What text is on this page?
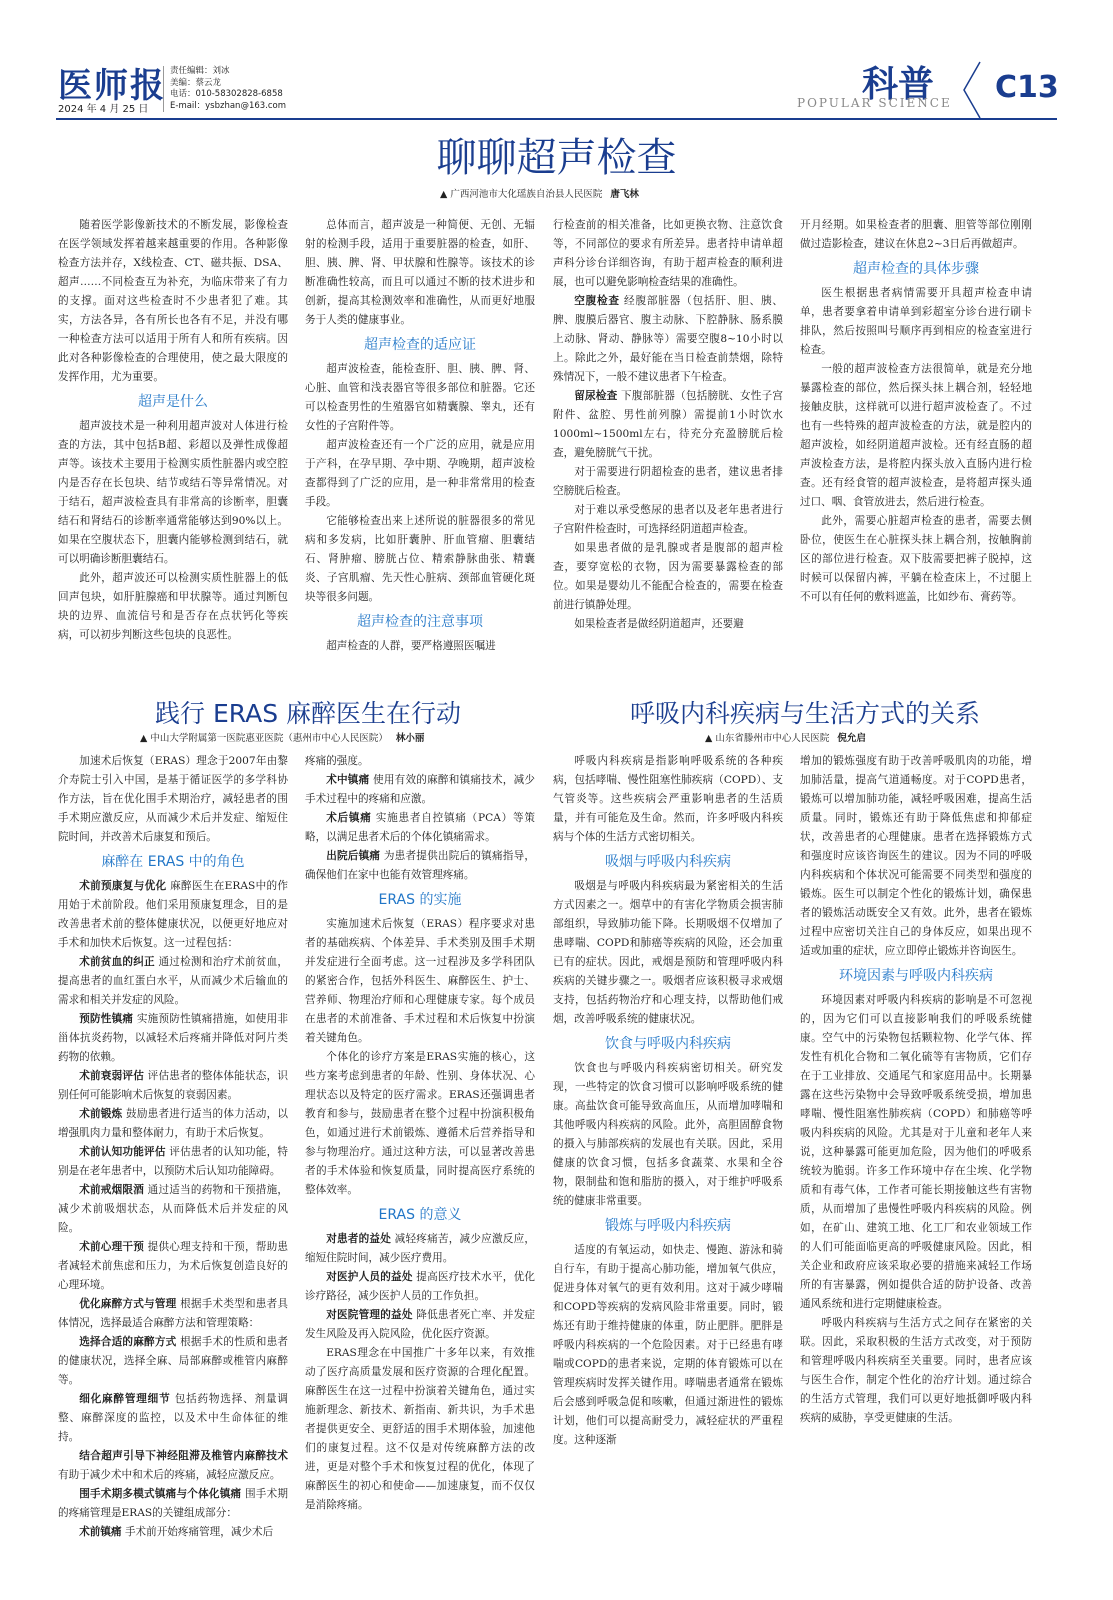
医师报
2024 年 4 月 25 日
责任编辑：刘冰
美编：蔡云龙
电话：010-58302828-6858
E-mail：ysbzhan@163.com
科普
POPULAR SCIENCE C13
聊聊超声检查
▲ 广西河池市大化瑶族自治县人民医院 唐飞林

随着医学影像新技术的不断发展，影像检查在医学领域发挥着越来越重要的作用。各种影像检查方法并存，X线检查、CT、磁共振、DSA、超声……不同检查互为补充，为临床带来了有力的支撑。面对这些检查时不少患者犯了难。其实，方法各异，各有所长也各有不足，并没有哪一种检查方法可以适用于所有人和所有疾病。因此对各种影像检查的合理使用，使之最大限度的发挥作用，尤为重要。

超声是什么

超声波技术是一种利用超声波对人体进行检查的方法，其中包括B超、彩超以及弹性成像超声等。该技术主要用于检测实质性脏器内或空腔内是否存在长包块、结节或结石等异常情况。对于结石，超声波检查具有非常高的诊断率，胆囊结石和肾结石的诊断率通常能够达到90%以上。如果在空腹状态下，胆囊内能够检测到结石，就可以明确诊断胆囊结石。

此外，超声波还可以检测实质性脏器上的低回声包块，如肝脏腺癌和甲状腺等。通过判断包块的边界、血流信号和是否存在点状钙化等疾病，可以初步判断这些包块的良恶性。

总体而言，超声波是一种简便、无创、无辐射的检测手段，适用于重要脏器的检查，如肝、胆、胰、脾、肾、甲状腺和性腺等。该技术的诊断准确性较高，而且可以通过不断的技术进步和创新，提高其检测效率和准确性，从而更好地服务于人类的健康事业。

超声检查的适应证

超声波检查，能检查肝、胆、胰、脾、肾、心脏、血管和浅表器官等很多部位和脏器。它还可以检查男性的生殖器官如精囊腺、睾丸，还有女性的子宫附件等。

超声波检查还有一个广泛的应用，就是应用于产科，在孕早期、孕中期、孕晚期，超声波检查都得到了广泛的应用，是一种非常常用的检查手段。

它能够检查出来上述所说的脏器很多的常见病和多发病，比如肝囊肿、肝血管瘤、胆囊结石、肾肿瘤、膀胱占位、精索静脉曲张、精囊炎、子宫肌瘤、先天性心脏病、颈部血管硬化斑块等很多问题。

超声检查的注意事项

超声检查的人群，要严格遵照医嘱进

行检查前的相关准备，比如更换衣物、注意饮食等，不同部位的要求有所差异。患者持申请单超声科分诊台详细咨询，有助于超声检查的顺利进展，也可以避免影响检查结果的准确性。

空腹检查 经腹部脏器（包括肝、胆、胰、脾、腹膜后器官、腹主动脉、下腔静脉、肠系膜上动脉、肾动、静脉等）需要空腹8~10小时以上。除此之外，最好能在当日检查前禁烟，除特殊情况下，一般不建议患者下午检查。

留尿检查 下腹部脏器（包括膀胱、女性子宫附件、盆腔、男性前列腺）需提前1小时饮水1000ml~1500ml左右，待充分充盈膀胱后检查，避免膀胱气干扰。

对于需要进行阴超检查的患者，建议患者排空膀胱后检查。

对于难以承受憋尿的患者以及老年患者进行子宫附件检查时，可选择经阴道超声检查。

如果患者做的是乳腺或者是腹部的超声检查，要穿宽松的衣物，因为需要暴露检查的部位。如果是婴幼儿不能配合检查的，需要在检查前进行镇静处理。

如果检查者是做经阴道超声，还要避

开月经期。如果检查者的胆囊、胆管等部位刚刚做过造影检查，建议在休息2~3日后再做超声。

超声检查的具体步骤

医生根据患者病情需要开具超声检查申请单，患者要拿着申请单到彩超室分诊台进行刷卡排队，然后按照叫号顺序再到相应的检查室进行检查。

一般的超声波检查方法很简单，就是充分地暴露检查的部位，然后探头抹上耦合剂，轻轻地接触皮肤，这样就可以进行超声波检查了。不过也有一些特殊的超声波检查的方法，就是腔内的超声波检，如经阴道超声波检。还有经直肠的超声波检查方法，是将腔内探头放入直肠内进行检查。还有经食管的超声波检查，是将超声探头通过口、咽、食管放进去，然后进行检查。

此外，需要心脏超声检查的患者，需要去侧卧位，使医生在心脏探头抹上耦合剂，按触胸前区的部位进行检查。双下肢需要把裤子脱掉，这时候可以保留内裤，平躺在检查床上，不过腿上不可以有任何的敷料遮盖，比如纱布、膏药等。

践行 ERAS 麻醉医生在行动
▲ 中山大学附属第一医院惠亚医院（惠州市中心人民医院） 林小丽

加速术后恢复（ERAS）理念于2007年由黎介寿院士引入中国，是基于循证医学的多学科协作方法，旨在优化围手术期治疗，减轻患者的围手术期应激反应，从而减少术后并发症、缩短住院时间，并改善术后康复和预后。

麻醉在 ERAS 中的角色

术前预康复与优化 麻醉医生在ERAS中的作用始于术前阶段。他们采用预康复理念，目的是改善患者术前的整体健康状况，以便更好地应对手术和加快术后恢复。这一过程包括：

术前贫血的纠正 通过检测和治疗术前贫血，提高患者的血红蛋白水平，从而减少术后输血的需求和相关并发症的风险。

预防性镇痛 实施预防性镇痛措施，如使用非甾体抗炎药物，以减轻术后疼痛并降低对阿片类药物的依赖。

术前衰弱评估 评估患者的整体体能状态，识别任何可能影响术后恢复的衰弱因素。

术前锻炼 鼓励患者进行适当的体力活动，以增强肌肉力量和整体耐力，有助于术后恢复。

术前认知功能评估 评估患者的认知功能，特别是在老年患者中，以预防术后认知功能障碍。

术前戒烟限酒 通过适当的药物和干预措施，减少术前吸烟状态，从而降低术后并发症的风险。

术前心理干预 提供心理支持和干预，帮助患者减轻术前焦虑和压力，为术后恢复创造良好的心理环境。

优化麻醉方式与管理 根据手术类型和患者具体情况，选择最适合麻醉方法和管理策略：

选择合适的麻醉方式 根据手术的性质和患者的健康状况，选择全麻、局部麻醉或椎管内麻醉等。

细化麻醉管理细节 包括药物选择、剂量调整、麻醉深度的监控，以及术中生命体征的维持。

结合超声引导下神经阻滞及椎管内麻醉技术 有助于减少术中和术后的疼痛，减轻应激反应。

围手术期多模式镇痛与个体化镇痛 围手术期的疼痛管理是ERAS的关键组成部分：

术前镇痛 手术前开始疼痛管理，减少术后

疼痛的强度。

术中镇痛 使用有效的麻醉和镇痛技术，减少手术过程中的疼痛和应激。

术后镇痛 实施患者自控镇痛（PCA）等策略，以满足患者术后的个体化镇痛需求。

出院后镇痛 为患者提供出院后的镇痛指导，确保他们在家中也能有效管理疼痛。

ERAS 的实施

实施加速术后恢复（ERAS）程序要求对患者的基础疾病、个体差异、手术类别及围手术期并发症进行全面考虑。这一过程涉及多学科团队的紧密合作，包括外科医生、麻醉医生、护士、营养师、物理治疗师和心理健康专家。每个成员在患者的术前准备、手术过程和术后恢复中扮演着关键角色。

个体化的诊疗方案是ERAS实施的核心，这些方案考虑到患者的年龄、性别、身体状况、心理状态以及特定的医疗需求。ERAS还强调患者教育和参与，鼓励患者在整个过程中扮演积极角色，如通过进行术前锻炼、遵循术后营养指导和参与物理治疗。通过这种方法，可以显著改善患者的手术体验和恢复质量，同时提高医疗系统的整体效率。

ERAS 的意义

对患者的益处 减轻疼痛苦，减少应激反应，缩短住院时间，减少医疗费用。

对医护人员的益处 提高医疗技术水平，优化诊疗路径，减少医护人员的工作负担。

对医院管理的益处 降低患者死亡率、并发症发生风险及再入院风险，优化医疗资源。

ERAS理念在中国推广十多年以来，有效推动了医疗高质量发展和医疗资源的合理化配置。麻醉医生在这一过程中扮演着关键角色，通过实施新理念、新技术、新指南、新共识，为手术患者提供更安全、更舒适的围手术期体验，加速他们的康复过程。这不仅是对传统麻醉方法的改进，更是对整个手术和恢复过程的优化，体现了麻醉医生的初心和使命——加速康复，而不仅仅是消除疼痛。

呼吸内科疾病与生活方式的关系
▲ 山东省滕州市中心人民医院 倪允启

呼吸内科疾病是指影响呼吸系统的各种疾病，包括哮喘、慢性阻塞性肺疾病（COPD）、支气管炎等。这些疾病会严重影响患者的生活质量，并有可能危及生命。然而，许多呼吸内科疾病与个体的生活方式密切相关。

吸烟与呼吸内科疾病

吸烟是与呼吸内科疾病最为紧密相关的生活方式因素之一。烟草中的有害化学物质会损害肺部组织，导致肺功能下降。长期吸烟不仅增加了患哮喘、COPD和肺癌等疾病的风险，还会加重已有的症状。因此，戒烟是预防和管理呼吸内科疾病的关键步骤之一。吸烟者应该积极寻求戒烟支持，包括药物治疗和心理支持，以帮助他们戒烟，改善呼吸系统的健康状况。

饮食与呼吸内科疾病

饮食也与呼吸内科疾病密切相关。研究发现，一些特定的饮食习惯可以影响呼吸系统的健康。高盐饮食可能导致高血压，从而增加哮喘和其他呼吸内科疾病的风险。此外，高胆固醇食物的摄入与肺部疾病的发展也有关联。因此，采用健康的饮食习惯，包括多食蔬菜、水果和全谷物，限制盐和饱和脂肪的摄入，对于维护呼吸系统的健康非常重要。

锻炼与呼吸内科疾病

适度的有氧运动，如快走、慢跑、游泳和骑自行车，有助于提高心肺功能，增加氧气供应，促进身体对氧气的更有效利用。这对于减少哮喘和COPD等疾病的发病风险非常重要。同时，锻炼还有助于维持健康的体重，防止肥胖。肥胖是呼吸内科疾病的一个危险因素。对于已经患有哮喘或COPD的患者来说，定期的体育锻炼可以在管理疾病时发挥关键作用。哮喘患者通常在锻炼后会感到呼吸急促和咳嗽，但通过渐进性的锻炼计划，他们可以提高耐受力，减轻症状的严重程度。这种逐渐

增加的锻炼强度有助于改善呼吸肌肉的功能，增加肺活量，提高气道通畅度。对于COPD患者，锻炼可以增加肺功能，减轻呼吸困难，提高生活质量。同时，锻炼还有助于降低焦虑和抑郁症状，改善患者的心理健康。患者在选择锻炼方式和强度时应该咨询医生的建议。因为不同的呼吸内科疾病和个体状况可能需要不同类型和强度的锻炼。医生可以制定个性化的锻炼计划，确保患者的锻炼活动既安全又有效。此外，患者在锻炼过程中应密切关注自己的身体反应，如果出现不适或加重的症状，应立即停止锻炼并咨询医生。

环境因素与呼吸内科疾病

环境因素对呼吸内科疾病的影响是不可忽视的，因为它们可以直接影响我们的呼吸系统健康。空气中的污染物包括颗粒物、化学气体、挥发性有机化合物和二氧化硫等有害物质，它们存在于工业排放、交通尾气和家庭用品中。长期暴露在这些污染物中会导致呼吸系统受损，增加患哮喘、慢性阻塞性肺疾病（COPD）和肺癌等呼吸内科疾病的风险。尤其是对于儿童和老年人来说，这种暴露可能更加危险，因为他们的呼吸系统较为脆弱。许多工作环境中存在尘埃、化学物质和有毒气体，工作者可能长期接触这些有害物质，从而增加了患慢性呼吸内科疾病的风险。例如，在矿山、建筑工地、化工厂和农业领域工作的人们可能面临更高的呼吸健康风险。因此，相关企业和政府应该采取必要的措施来减轻工作场所的有害暴露，例如提供合适的防护设备、改善通风系统和进行定期健康检查。

呼吸内科疾病与生活方式之间存在紧密的关联。因此，采取积极的生活方式改变，对于预防和管理呼吸内科疾病至关重要。同时，患者应该与医生合作，制定个性化的治疗计划。通过综合的生活方式管理，我们可以更好地抵御呼吸内科疾病的威胁，享受更健康的生活。
